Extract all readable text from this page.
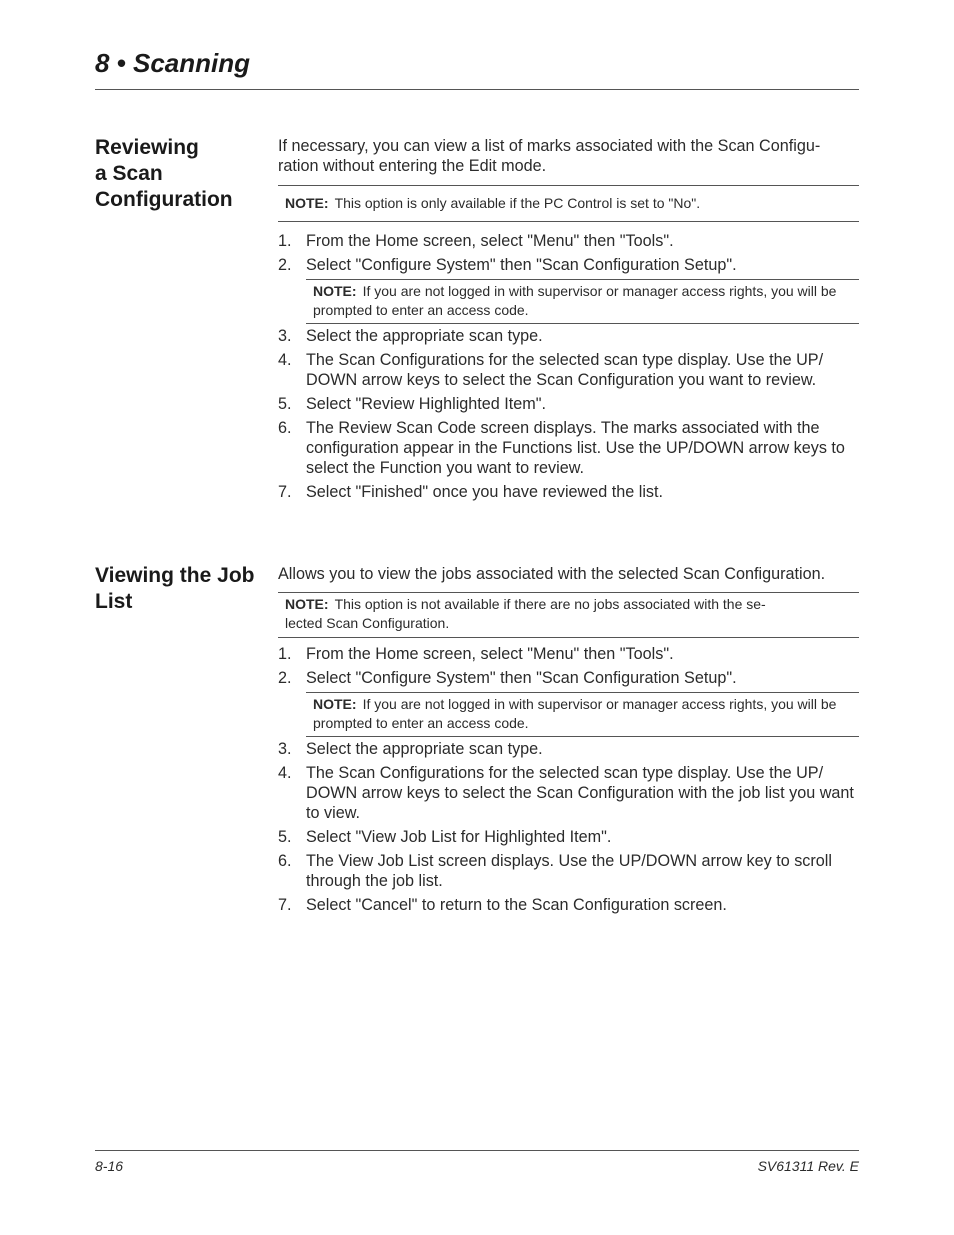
8 • Scanning
Reviewing
a Scan
Configuration

If necessary, you can view a list of marks associated with the Scan Configu-
ration without entering the Edit mode.

NOTE: This option is only available if the PC Control is set to "No".
1. From the Home screen, select "Menu" then "Tools".
2. Select "Configure System" then "Scan Configuration Setup".
NOTE: If you are not logged in with supervisor or manager access rights, you will be prompted to enter an access code.
3. Select the appropriate scan type.
4. The Scan Configurations for the selected scan type display. Use the UP/ DOWN arrow keys to select the Scan Configuration you want to review.
5. Select "Review Highlighted Item".
6. The Review Scan Code screen displays. The marks associated with the configuration appear in the Functions list. Use the UP/DOWN arrow keys to select the Function you want to review.
7. Select "Finished" once you have reviewed the list.
Viewing the Job List

Allows you to view the jobs associated with the selected Scan Configuration.

NOTE: This option is not available if there are no jobs associated with the se-
lected Scan Configuration.
1. From the Home screen, select "Menu" then "Tools".
2. Select "Configure System" then "Scan Configuration Setup".
NOTE: If you are not logged in with supervisor or manager access rights, you will be prompted to enter an access code.
3. Select the appropriate scan type.
4. The Scan Configurations for the selected scan type display. Use the UP/ DOWN arrow keys to select the Scan Configuration with the job list you want to view.
5. Select "View Job List for Highlighted Item".
6. The View Job List screen displays. Use the UP/DOWN arrow key to scroll through the job list.
7. Select "Cancel" to return to the Scan Configuration screen.
8-16	SV61311 Rev. E
